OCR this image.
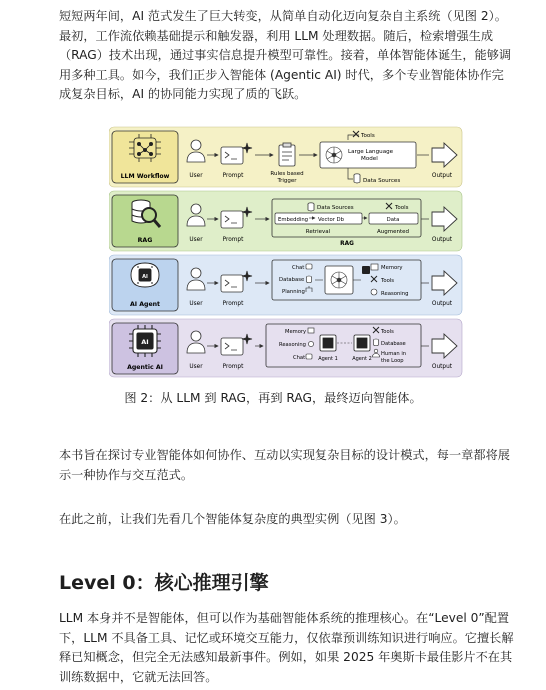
短短两年间，AI 范式发生了巨大转变，从简单自动化迈向复杂自主系统（见图 2）。最初，工作流依赖基础提示和触发器，利用 LLM 处理数据。随后，检索增强生成（RAG）技术出现，通过事实信息提升模型可靠性。接着，单体智能体诞生，能够调用多种工具。如今，我们正步入智能体 (Agentic AI) 时代，多个专业智能体协作完成复杂目标，AI 的协同能力实现了质的飞跃。

LLM Workflow	User	Prompt	Rules based
Trigger
Large Language
Model
Tools
Data Sources
Output
RAG	User	Prompt
Data Sources	Tools
Embedding Vector Db	Data
Retrieval	Augmented
RAG
Output
AI
AI Agent	User	Prompt
Chat
Database
Planning
Memory
Tools
Reasoning
Output
AI
Agentic AI	User	Prompt
Memory
Reasoning
Chat	Agent 1	Agent 2
Tools
Database
Human in
the Loop
Output

图 2：从 LLM 到 RAG，再到 RAG，最终迈向智能体。

本书旨在探讨专业智能体如何协作、互动以实现复杂目标的设计模式，每一章都将展示一种协作与交互范式。

在此之前，让我们先看几个智能体复杂度的典型实例（见图 3）。

Level 0：核心推理引擎

LLM 本身并不是智能体，但可以作为基础智能体系统的推理核心。在“Level 0”配置下，LLM 不具备工具、记忆或环境交互能力，仅依靠预训练知识进行响应。它擅长解释已知概念，但完全无法感知最新事件。例如，如果 2025 年奥斯卡最佳影片不在其训练数据中，它就无法回答。
